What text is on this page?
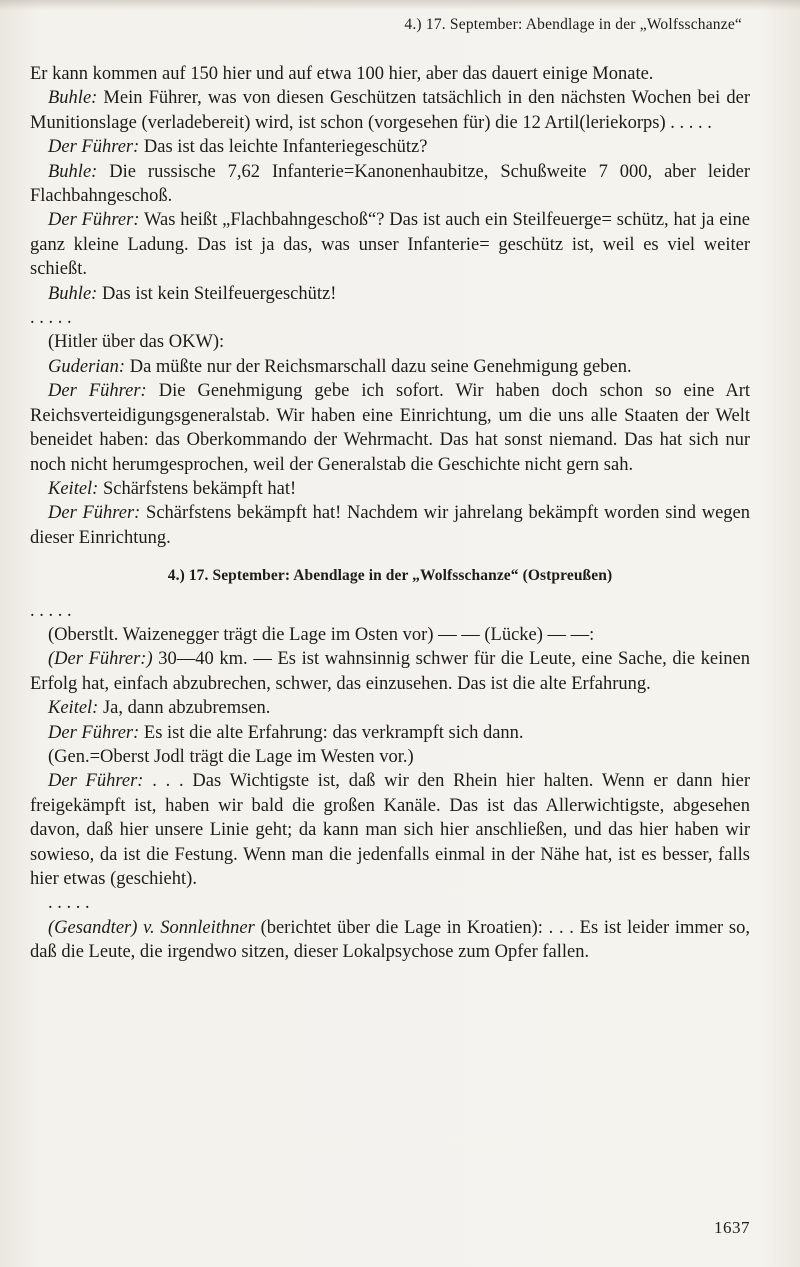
4.) 17. September: Abendlage in der „Wolfsschanze“

Er kann kommen auf 150 hier und auf etwa 100 hier, aber das dauert einige Monate.

Buhle: Mein Führer, was von diesen Geschützen tatsächlich in den nächsten Wochen bei der Munitionslage (verladebereit) wird, ist schon (vorgesehen für) die 12 Artil(leriekorps) . . . . .

Der Führer: Das ist das leichte Infanteriegeschütz?

Buhle: Die russische 7,62 Infanterie=Kanonenhaubitze, Schußweite 7 000, aber leider Flachbahngeschoß.

Der Führer: Was heißt „Flachbahngeschoß“? Das ist auch ein Steilfeuerge= schütz, hat ja eine ganz kleine Ladung. Das ist ja das, was unser Infanterie= geschütz ist, weil es viel weiter schießt.

Buhle: Das ist kein Steilfeuergeschütz!

. . . . .

(Hitler über das OKW):

Guderian: Da müßte nur der Reichsmarschall dazu seine Genehmigung geben.

Der Führer: Die Genehmigung gebe ich sofort. Wir haben doch schon so eine Art Reichsverteidigungsgeneralstab. Wir haben eine Einrichtung, um die uns alle Staaten der Welt beneidet haben: das Oberkommando der Wehrmacht. Das hat sonst niemand. Das hat sich nur noch nicht herumgesprochen, weil der Generalstab die Geschichte nicht gern sah.

Keitel: Schärfstens bekämpft hat!

Der Führer: Schärfstens bekämpft hat! Nachdem wir jahrelang bekämpft worden sind wegen dieser Einrichtung.

4.) 17. September: Abendlage in der „Wolfsschanze“ (Ostpreußen)

. . . . .

(Oberstlt. Waizenegger trägt die Lage im Osten vor) — — (Lücke) — —:

(Der Führer:) 30—40 km. — Es ist wahnsinnig schwer für die Leute, eine Sache, die keinen Erfolg hat, einfach abzubrechen, schwer, das einzusehen. Das ist die alte Erfahrung.

Keitel: Ja, dann abzubremsen.

Der Führer: Es ist die alte Erfahrung: das verkrampft sich dann.

(Gen.=Oberst Jodl trägt die Lage im Westen vor.)

Der Führer: . . . Das Wichtigste ist, daß wir den Rhein hier halten. Wenn er dann hier freigekämpft ist, haben wir bald die großen Kanäle. Das ist das Allerwichtigste, abgesehen davon, daß hier unsere Linie geht; da kann man sich hier anschließen, und das hier haben wir sowieso, da ist die Festung. Wenn man die jedenfalls einmal in der Nähe hat, ist es besser, falls hier etwas (geschieht).

. . . . .

(Gesandter) v. Sonnleithner (berichtet über die Lage in Kroatien): . . . Es ist leider immer so, daß die Leute, die irgendwo sitzen, dieser Lokalpsychose zum Opfer fallen.

1637
